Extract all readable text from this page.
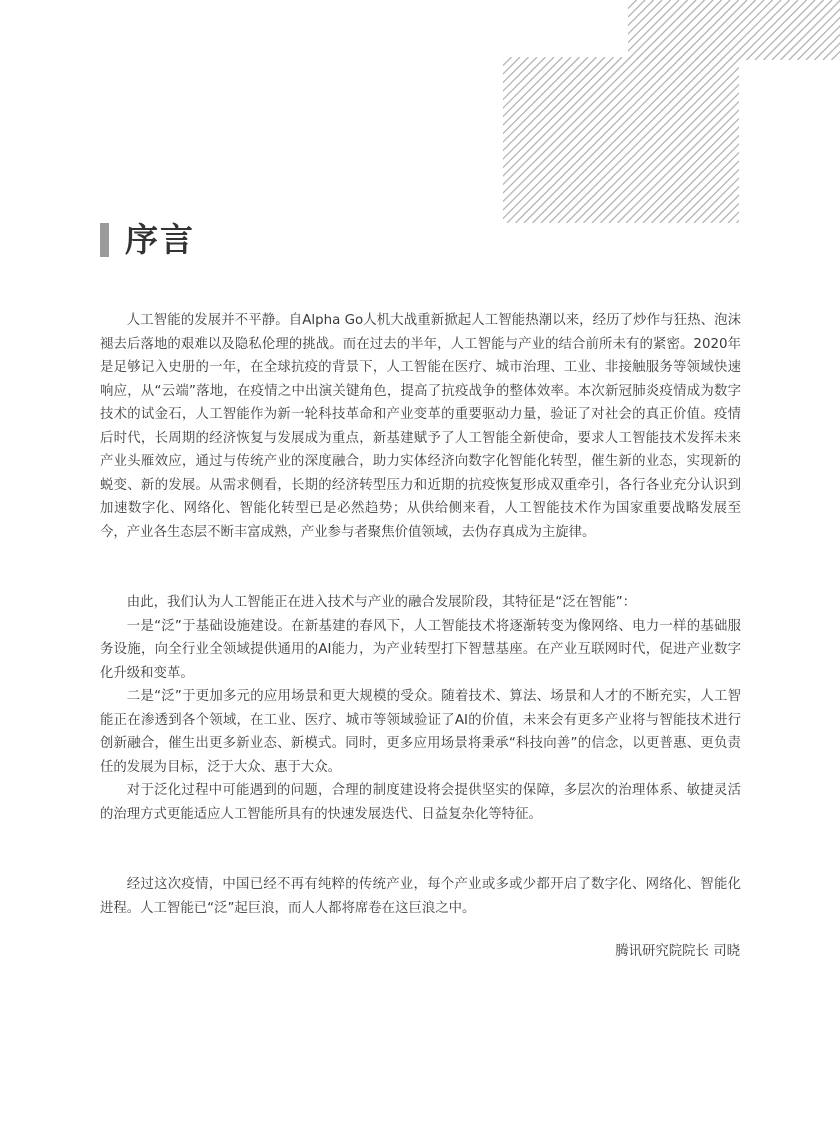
序言

人工智能的发展并不平静。自Alpha Go人机大战重新掀起人工智能热潮以来，经历了炒作与狂热、泡沫褪去后落地的艰难以及隐私伦理的挑战。而在过去的半年，人工智能与产业的结合前所未有的紧密。2020年是足够记入史册的一年，在全球抗疫的背景下，人工智能在医疗、城市治理、工业、非接触服务等领域快速响应，从“云端”落地，在疫情之中出演关键角色，提高了抗疫战争的整体效率。本次新冠肺炎疫情成为数字技术的试金石，人工智能作为新一轮科技革命和产业变革的重要驱动力量，验证了对社会的真正价值。疫情后时代，长周期的经济恢复与发展成为重点，新基建赋予了人工智能全新使命，要求人工智能技术发挥未来产业头雁效应，通过与传统产业的深度融合，助力实体经济向数字化智能化转型，催生新的业态，实现新的蜕变、新的发展。从需求侧看，长期的经济转型压力和近期的抗疫恢复形成双重牵引，各行各业充分认识到加速数字化、网络化、智能化转型已是必然趋势；从供给侧来看，人工智能技术作为国家重要战略发展至今，产业各生态层不断丰富成熟，产业参与者聚焦价值领域，去伪存真成为主旋律。

由此，我们认为人工智能正在进入技术与产业的融合发展阶段，其特征是“泛在智能”：

一是“泛”于基础设施建设。在新基建的春风下，人工智能技术将逐渐转变为像网络、电力一样的基础服务设施，向全行业全领域提供通用的AI能力，为产业转型打下智慧基座。在产业互联网时代，促进产业数字化升级和变革。

二是“泛”于更加多元的应用场景和更大规模的受众。随着技术、算法、场景和人才的不断充实，人工智能正在渗透到各个领域，在工业、医疗、城市等领域验证了AI的价值，未来会有更多产业将与智能技术进行创新融合，催生出更多新业态、新模式。同时，更多应用场景将秉承“科技向善”的信念，以更普惠、更负责任的发展为目标，泛于大众、惠于大众。

对于泛化过程中可能遇到的问题，合理的制度建设将会提供坚实的保障，多层次的治理体系、敏捷灵活的治理方式更能适应人工智能所具有的快速发展迭代、日益复杂化等特征。

经过这次疫情，中国已经不再有纯粹的传统产业，每个产业或多或少都开启了数字化、网络化、智能化进程。人工智能已“泛”起巨浪，而人人都将席卷在这巨浪之中。

腾讯研究院院长 司晓
